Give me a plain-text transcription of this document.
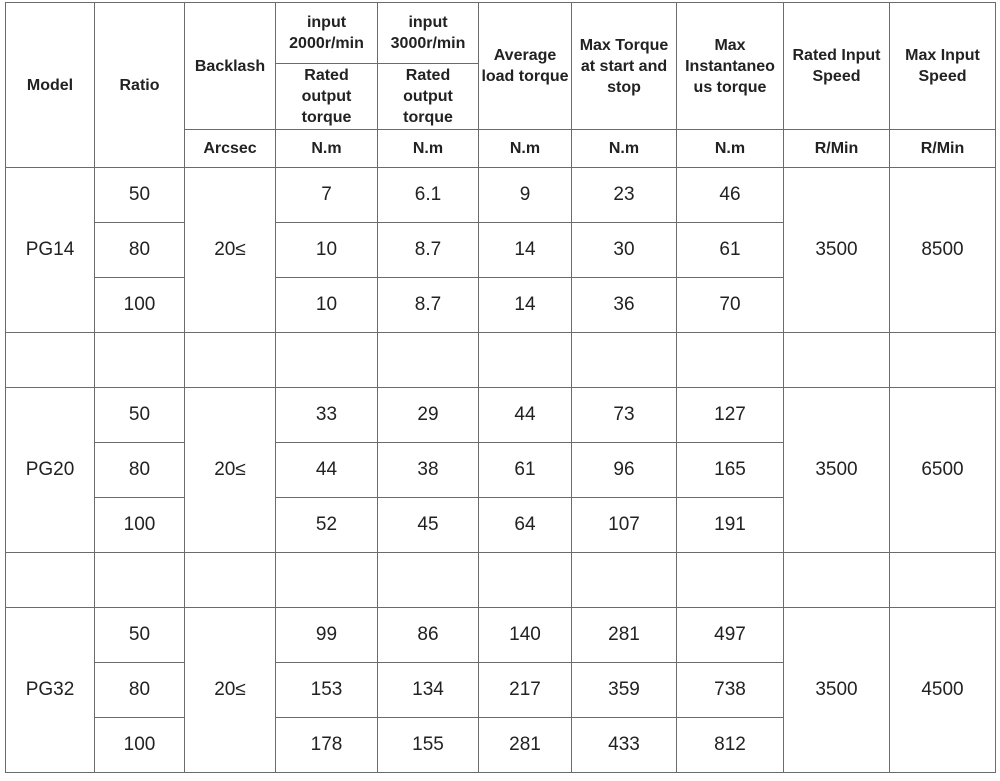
Model	Ratio	Backlash	input 2000r/min	input 3000r/min	Average load torque	Max Torque at start and stop	Max Instantaneo us torque	Rated Input Speed	Max Input Speed
			Rated output torque	Rated output torque					
		Arcsec	N.m	N.m	N.m	N.m	N.m	R/Min	R/Min
PG14	50	20≤	7	6.1	9	23	46	3500	8500
	80		10	8.7	14	30	61		
	100		10	8.7	14	36	70		

PG20	50	20≤	33	29	44	73	127	3500	6500
	80		44	38	61	96	165		
	100		52	45	64	107	191		

PG32	50	20≤	99	86	140	281	497	3500	4500
	80		153	134	217	359	738		
	100		178	155	281	433	812		
